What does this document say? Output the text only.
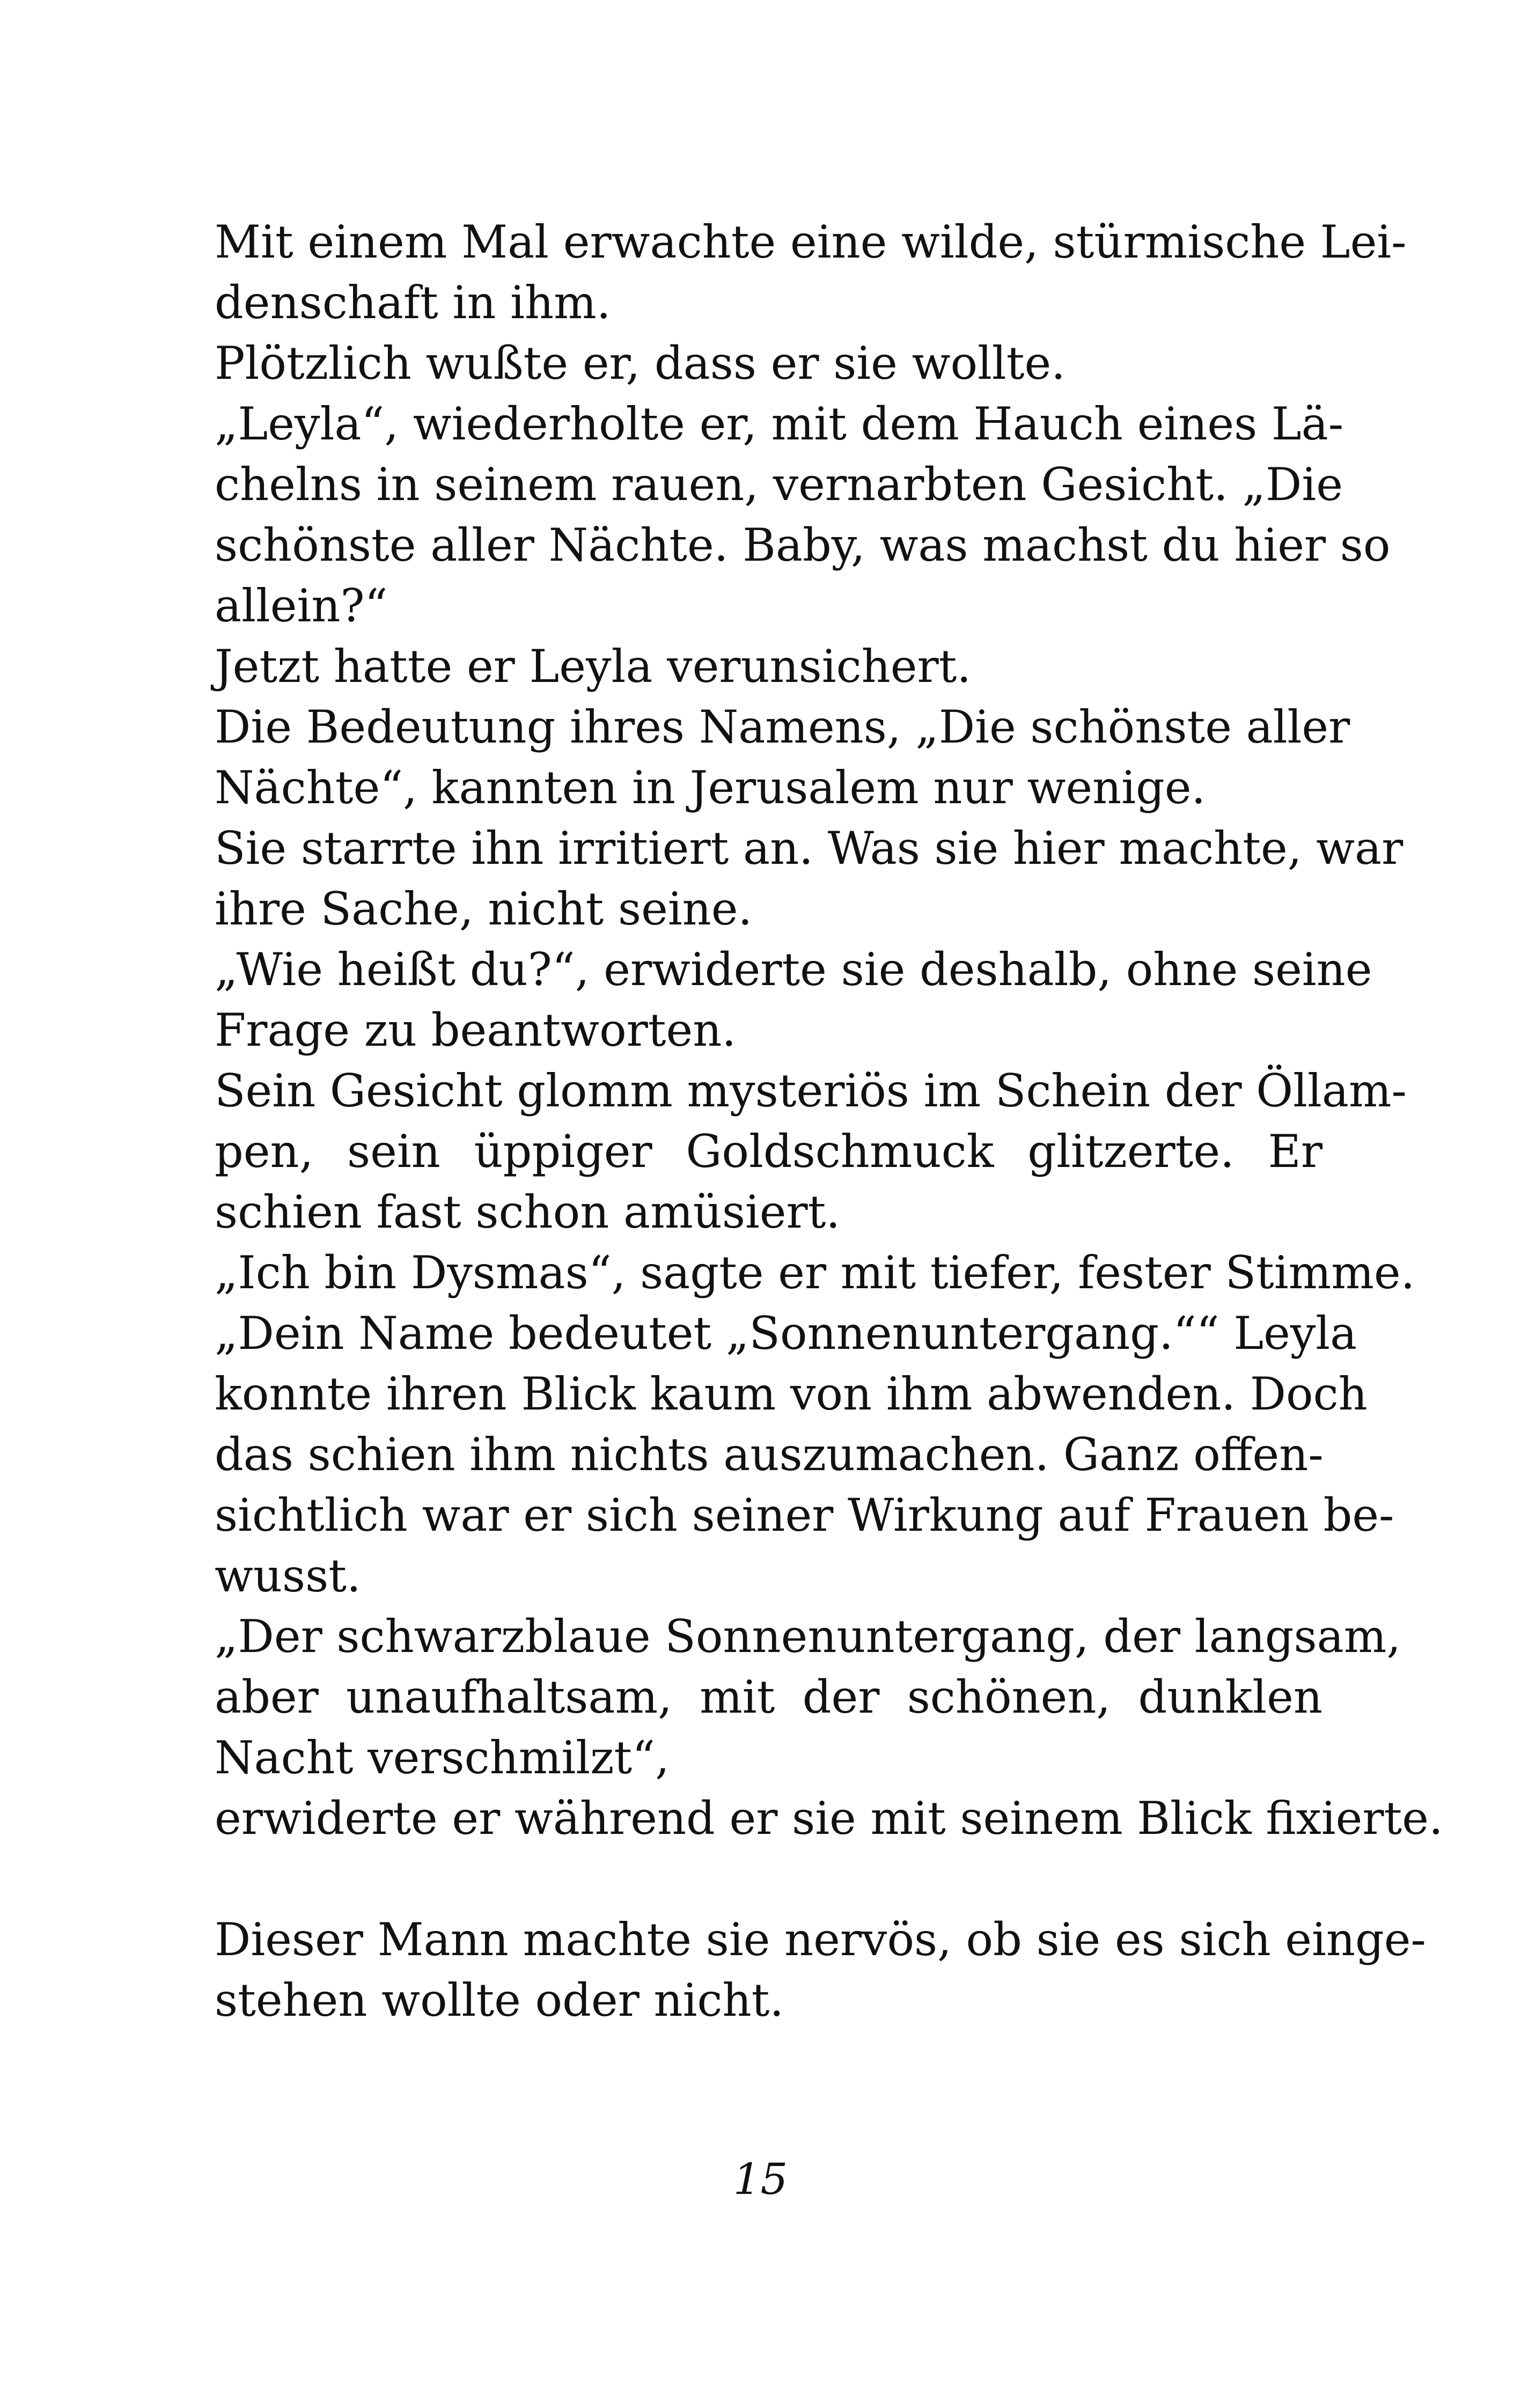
Mit einem Mal erwachte eine wilde, stürmische Lei-
denschaft in ihm.
Plötzlich wußte er, dass er sie wollte.
„Leyla“, wiederholte er, mit dem Hauch eines Lä-
chelns in seinem rauen, vernarbten Gesicht. „Die
schönste aller Nächte. Baby, was machst du hier so
allein?“
Jetzt hatte er Leyla verunsichert.
Die Bedeutung ihres Namens, „Die schönste aller
Nächte“, kannten in Jerusalem nur wenige.
Sie starrte ihn irritiert an. Was sie hier machte, war
ihre Sache, nicht seine.
„Wie heißt du?“, erwiderte sie deshalb, ohne seine
Frage zu beantworten.
Sein Gesicht glomm mysteriös im Schein der Öllam-
pen, sein üppiger Goldschmuck glitzerte. Er
schien fast schon amüsiert.
„Ich bin Dysmas“, sagte er mit tiefer, fester Stimme.
„Dein Name bedeutet „Sonnenuntergang.““ Leyla
konnte ihren Blick kaum von ihm abwenden. Doch
das schien ihm nichts auszumachen. Ganz offen-
sichtlich war er sich seiner Wirkung auf Frauen be-
wusst.
„Der schwarzblaue Sonnenuntergang, der langsam,
aber unaufhaltsam, mit der schönen, dunklen
Nacht verschmilzt“,
erwiderte er während er sie mit seinem Blick fixierte.
Dieser Mann machte sie nervös, ob sie es sich einge-
stehen wollte oder nicht.
15
